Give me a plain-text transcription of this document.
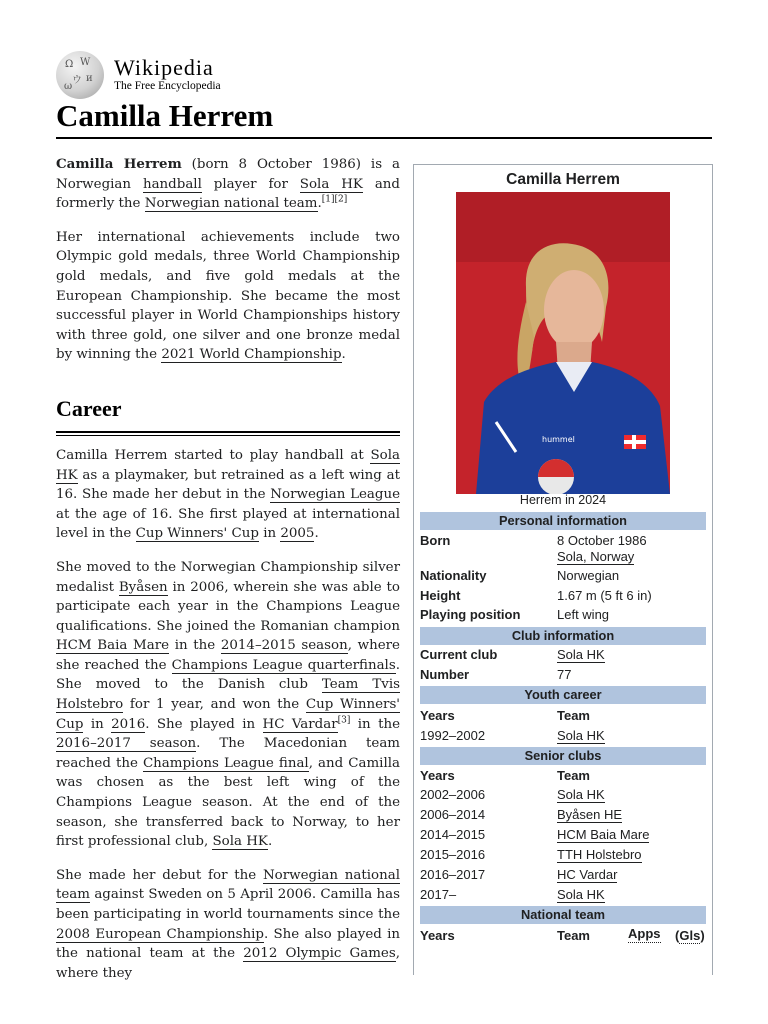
Ω W
ウ и
ω
Wikipedia
The Free Encyclopedia
Camilla Herrem

Camilla Herrem (born 8 October 1986) is a Norwegian handball player for Sola HK and formerly the Norwegian national team.[1][2]

Her international achievements include two Olympic gold medals, three World Championship gold medals, and five gold medals at the European Championship. She became the most successful player in World Championships history with three gold, one silver and one bronze medal by winning the 2021 World Championship.

Career

Camilla Herrem started to play handball at Sola HK as a playmaker, but retrained as a left wing at 16. She made her debut in the Norwegian League at the age of 16. She first played at international level in the Cup Winners' Cup in 2005.

She moved to the Norwegian Championship silver medalist Byåsen in 2006, wherein she was able to participate each year in the Champions League qualifications. She joined the Romanian champion HCM Baia Mare in the 2014–2015 season, where she reached the Champions League quarterfinals. She moved to the Danish club Team Tvis Holstebro for 1 year, and won the Cup Winners' Cup in 2016. She played in HC Vardar[3] in the 2016–2017 season. The Macedonian team reached the Champions League final, and Camilla was chosen as the best left wing of the Champions League season. At the end of the season, she transferred back to Norway, to her first professional club, Sola HK.

She made her debut for the Norwegian national team against Sweden on 5 April 2006. Camilla has been participating in world tournaments since the 2008 European Championship. She also played in the national team at the 2012 Olympic Games, where they

Camilla Herrem
hummel
Herrem in 2024
Personal information
Born	8 October 1986
Sola, Norway
Nationality	Norwegian
Height	1.67 m (5 ft 6 in)
Playing position	Left wing
Club information
Current club	Sola HK
Number	77
Youth career
Years	Team
1992–2002	Sola HK
Senior clubs
Years	Team
2002–2006	Sola HK
2006–2014	Byåsen HE
2014–2015	HCM Baia Mare
2015–2016	TTH Holstebro
2016–2017	HC Vardar
2017–	Sola HK
National team
Years	Team	Apps (Gls)
